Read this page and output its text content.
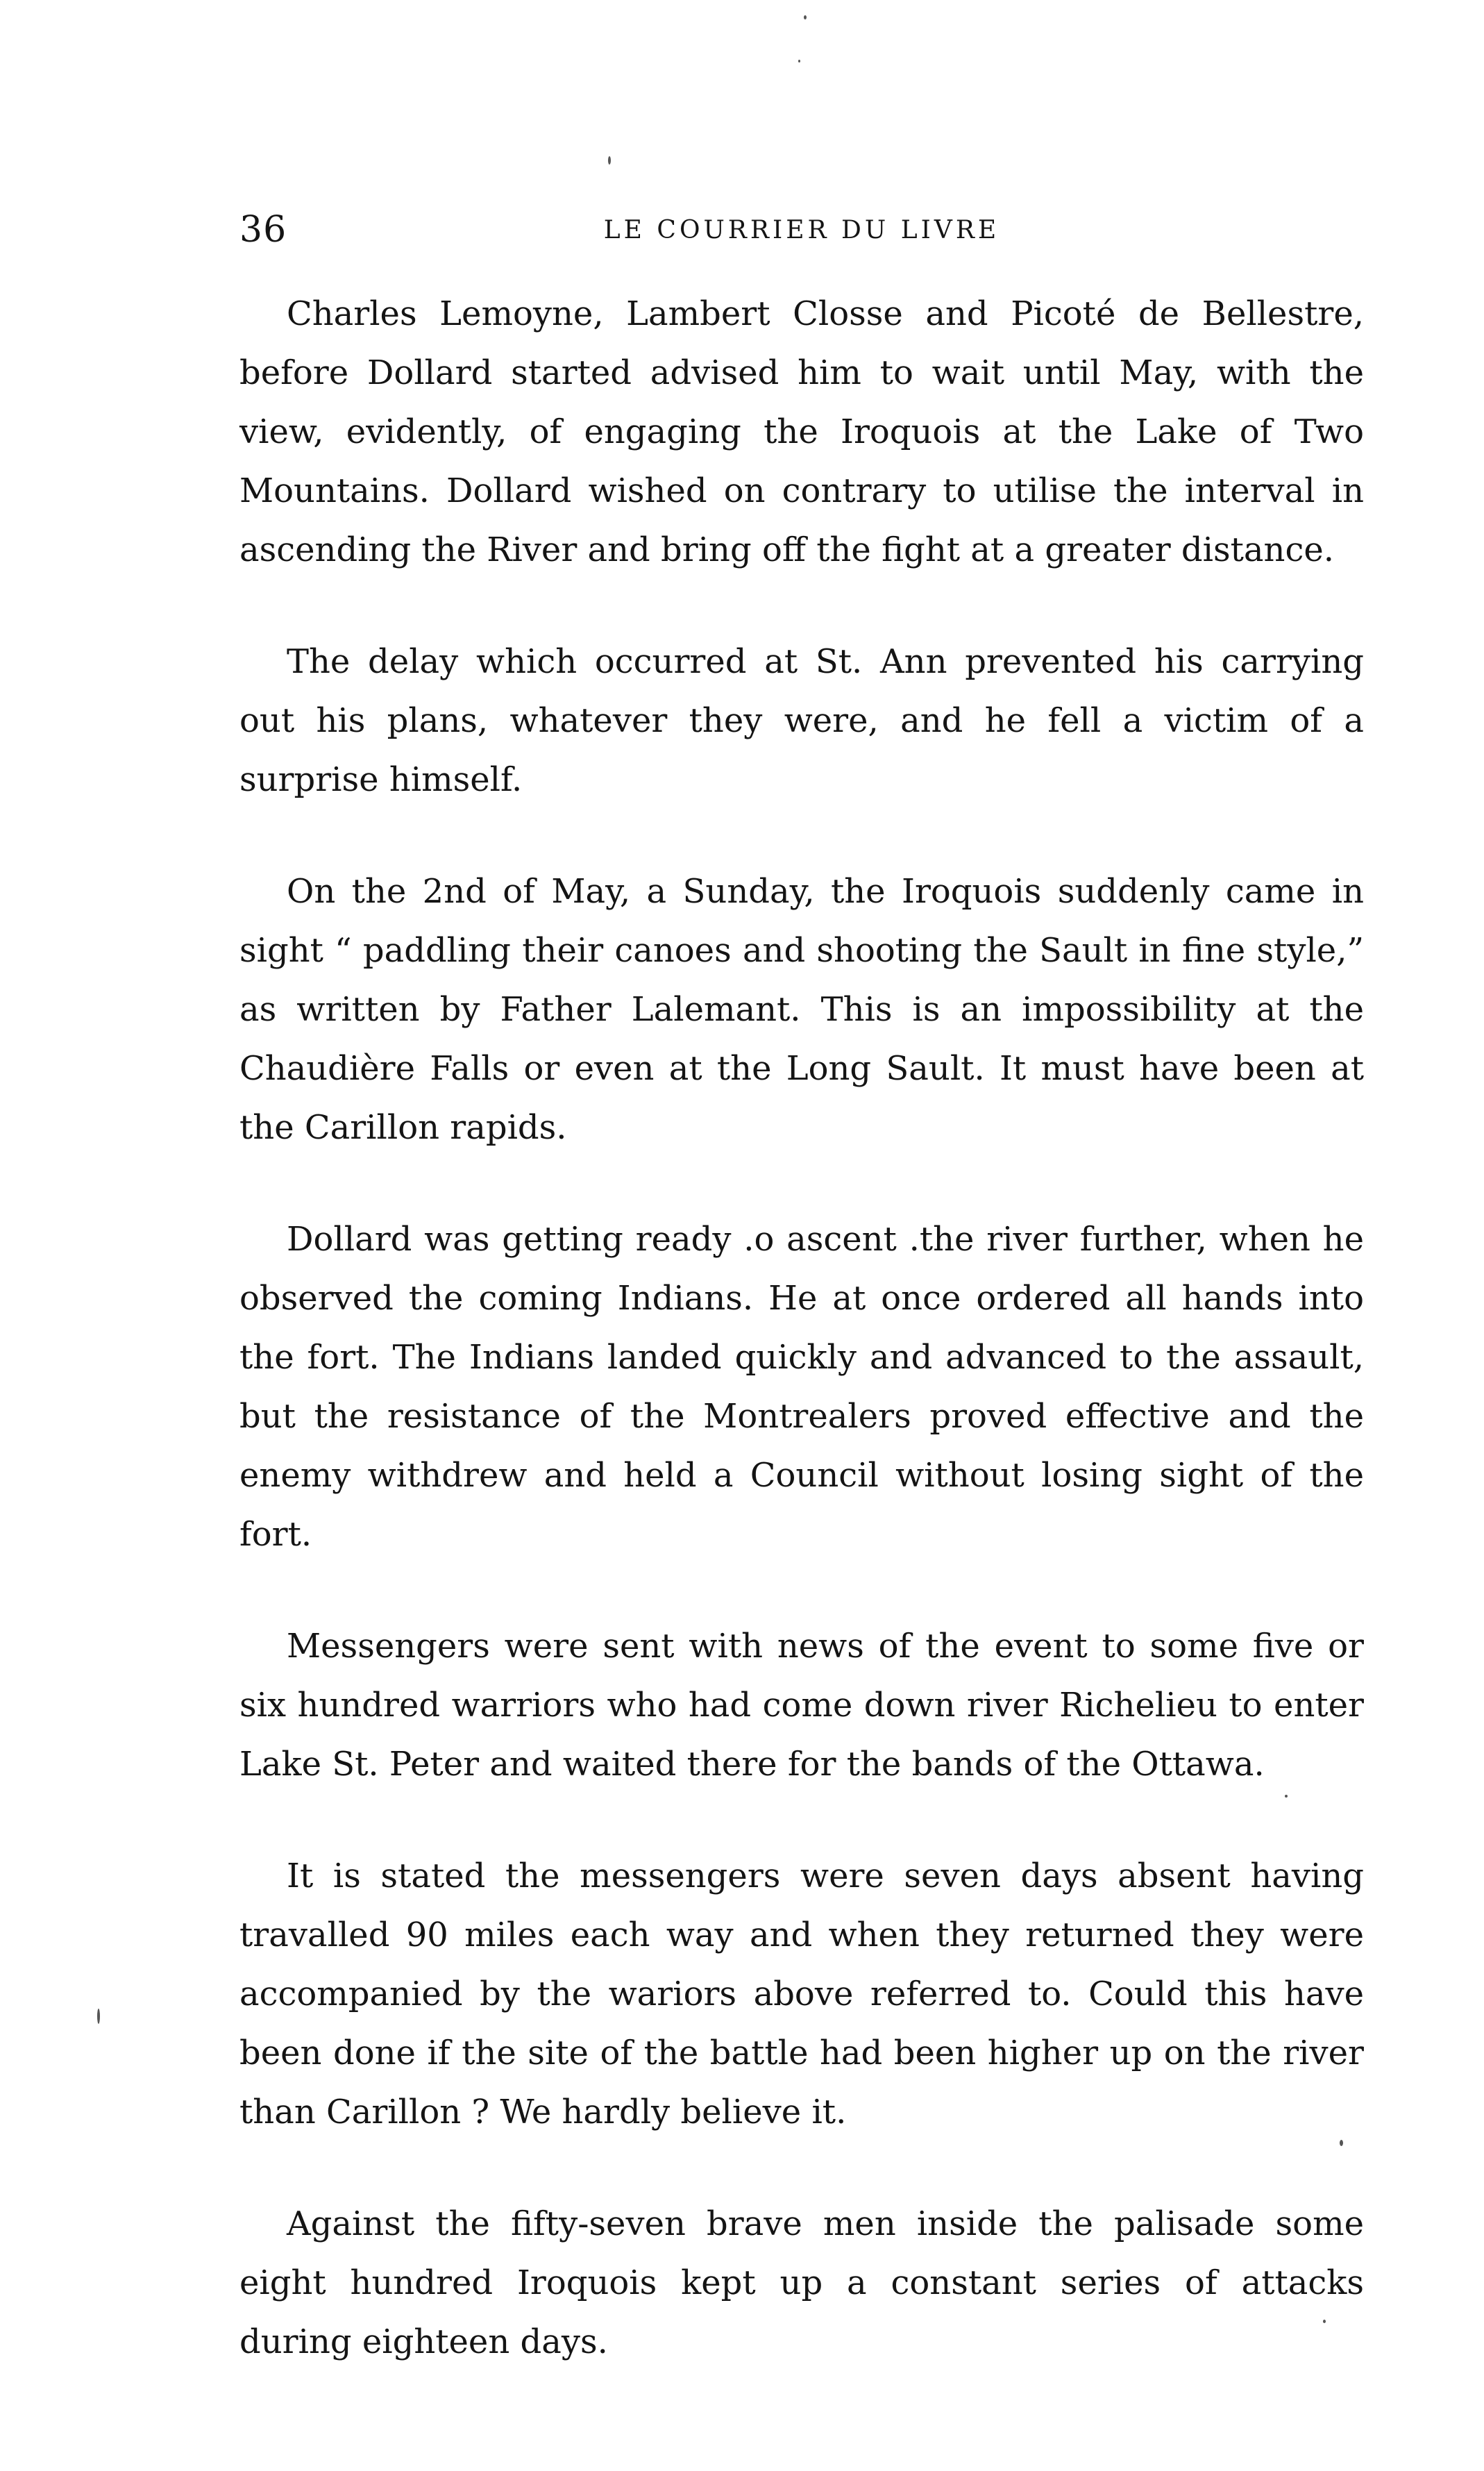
36	LE COURRIER DU LIVRE

Charles Lemoyne, Lambert Closse and Picoté de Bellestre, before Dollard started advised him to wait until May, with the view, evidently, of engaging the Iroquois at the Lake of Two Mountains. Dollard wished on contrary to utilise the interval in ascending the River and bring off the fight at a greater distance.

The delay which occurred at St. Ann prevented his carrying out his plans, whatever they were, and he fell a victim of a surprise himself.

On the 2nd of May, a Sunday, the Iroquois suddenly came in sight “ paddling their canoes and shooting the Sault in fine style,” as written by Father Lalemant. This is an impossibility at the Chaudière Falls or even at the Long Sault. It must have been at the Carillon rapids.

Dollard was getting ready .o ascent .the river further, when he observed the coming Indians. He at once ordered all hands into the fort. The Indians landed quickly and advanced to the assault, but the resistance of the Montrealers proved effective and the enemy withdrew and held a Council without losing sight of the fort.

Messengers were sent with news of the event to some five or six hundred warriors who had come down river Richelieu to enter Lake St. Peter and waited there for the bands of the Ottawa.

It is stated the messengers were seven days absent having travalled 90 miles each way and when they returned they were accompanied by the wariors above referred to. Could this have been done if the site of the battle had been higher up on the river than Carillon ? We hardly believe it.

Against the fifty-seven brave men inside the palisade some eight hundred Iroquois kept up a constant series of attacks during eighteen days.
